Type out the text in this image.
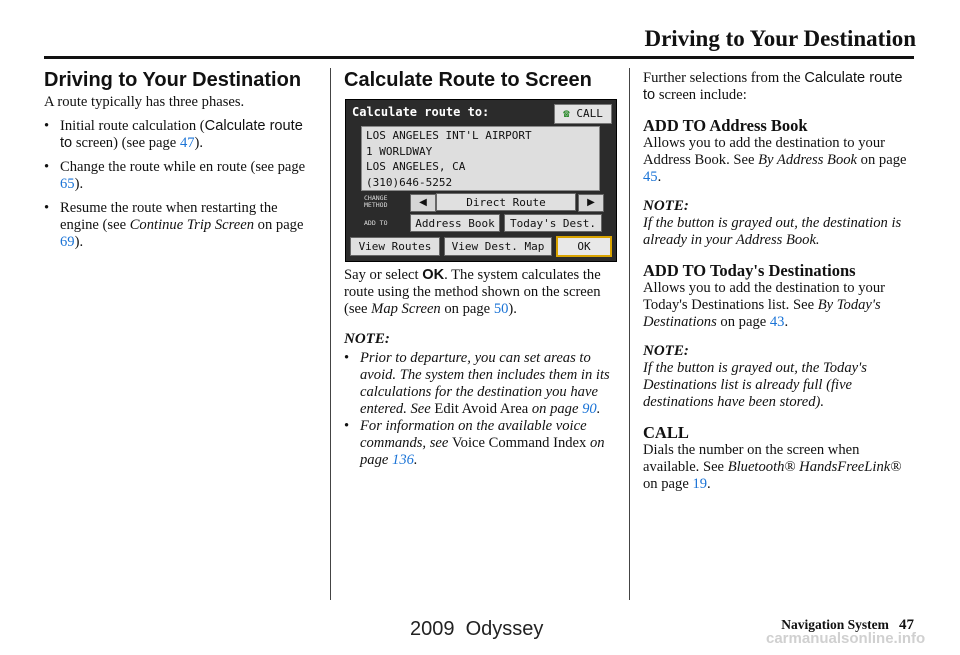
Driving to Your Destination
Driving to Your Destination

A route typically has three phases.

• Initial route calculation (Calculate route to screen) (see page 47).
• Change the route while en route (see page 65).
• Resume the route when restarting the engine (see Continue Trip Screen on page 69).
Calculate Route to Screen
Calculate route to:	☎ CALL
LOS ANGELES INT'L AIRPORT
1 WORLDWAY
LOS ANGELES, CA
(310)646-5252
CHANGE METHOD	◀	Direct Route	▶
ADD TO	Address Book	Today's Dest.
View Routes	View Dest. Map	OK

Say or select OK. The system calculates the route using the method shown on the screen (see Map Screen on page 50).

NOTE:

• Prior to departure, you can set areas to avoid. The system then includes them in its calculations for the destination you have entered. See Edit Avoid Area on page 90.
• For information on the available voice commands, see Voice Command Index on page 136.

Further selections from the Calculate route to screen include:

ADD TO Address Book

Allows you to add the destination to your Address Book. See By Address Book on page 45.

NOTE:

If the button is grayed out, the destination is already in your Address Book.

ADD TO Today's Destinations

Allows you to add the destination to your Today's Destinations list. See By Today's Destinations on page 43.

NOTE:

If the button is grayed out, the Today's Destinations list is already full (five destinations have been stored).

CALL

Dials the number on the screen when available. See Bluetooth® HandsFreeLink® on page 19.

Navigation System 47
2009  Odyssey	carmanualsonline.info
